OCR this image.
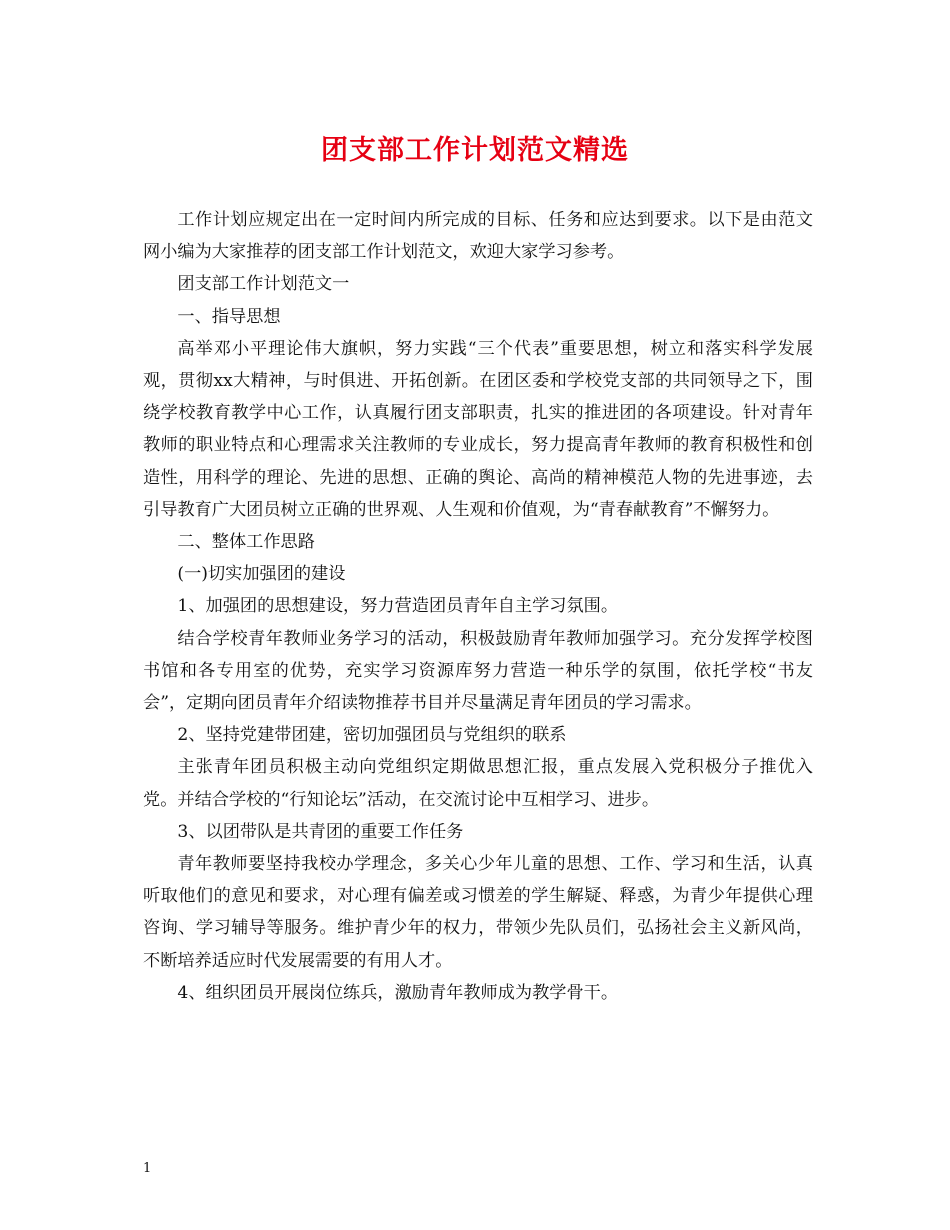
团支部工作计划范文精选

工作计划应规定出在一定时间内所完成的目标、任务和应达到要求。以下是由范文网小编为大家推荐的团支部工作计划范文，欢迎大家学习参考。

团支部工作计划范文一

一、指导思想

高举邓小平理论伟大旗帜，努力实践“三个代表”重要思想，树立和落实科学发展观，贯彻xx大精神，与时俱进、开拓创新。在团区委和学校党支部的共同领导之下，围绕学校教育教学中心工作，认真履行团支部职责，扎实的推进团的各项建设。针对青年教师的职业特点和心理需求关注教师的专业成长，努力提高青年教师的教育积极性和创造性，用科学的理论、先进的思想、正确的舆论、高尚的精神模范人物的先进事迹，去引导教育广大团员树立正确的世界观、人生观和价值观，为“青春献教育”不懈努力。

二、整体工作思路

(一)切实加强团的建设

1、加强团的思想建设，努力营造团员青年自主学习氛围。

结合学校青年教师业务学习的活动，积极鼓励青年教师加强学习。充分发挥学校图书馆和各专用室的优势，充实学习资源库努力营造一种乐学的氛围，依托学校“书友会”，定期向团员青年介绍读物推荐书目并尽量满足青年团员的学习需求。

2、坚持党建带团建，密切加强团员与党组织的联系

主张青年团员积极主动向党组织定期做思想汇报，重点发展入党积极分子推优入党。并结合学校的“行知论坛”活动，在交流讨论中互相学习、进步。

3、以团带队是共青团的重要工作任务

青年教师要坚持我校办学理念，多关心少年儿童的思想、工作、学习和生活，认真听取他们的意见和要求，对心理有偏差或习惯差的学生解疑、释惑，为青少年提供心理咨询、学习辅导等服务。维护青少年的权力，带领少先队员们，弘扬社会主义新风尚，不断培养适应时代发展需要的有用人才。

4、组织团员开展岗位练兵，激励青年教师成为教学骨干。

1
